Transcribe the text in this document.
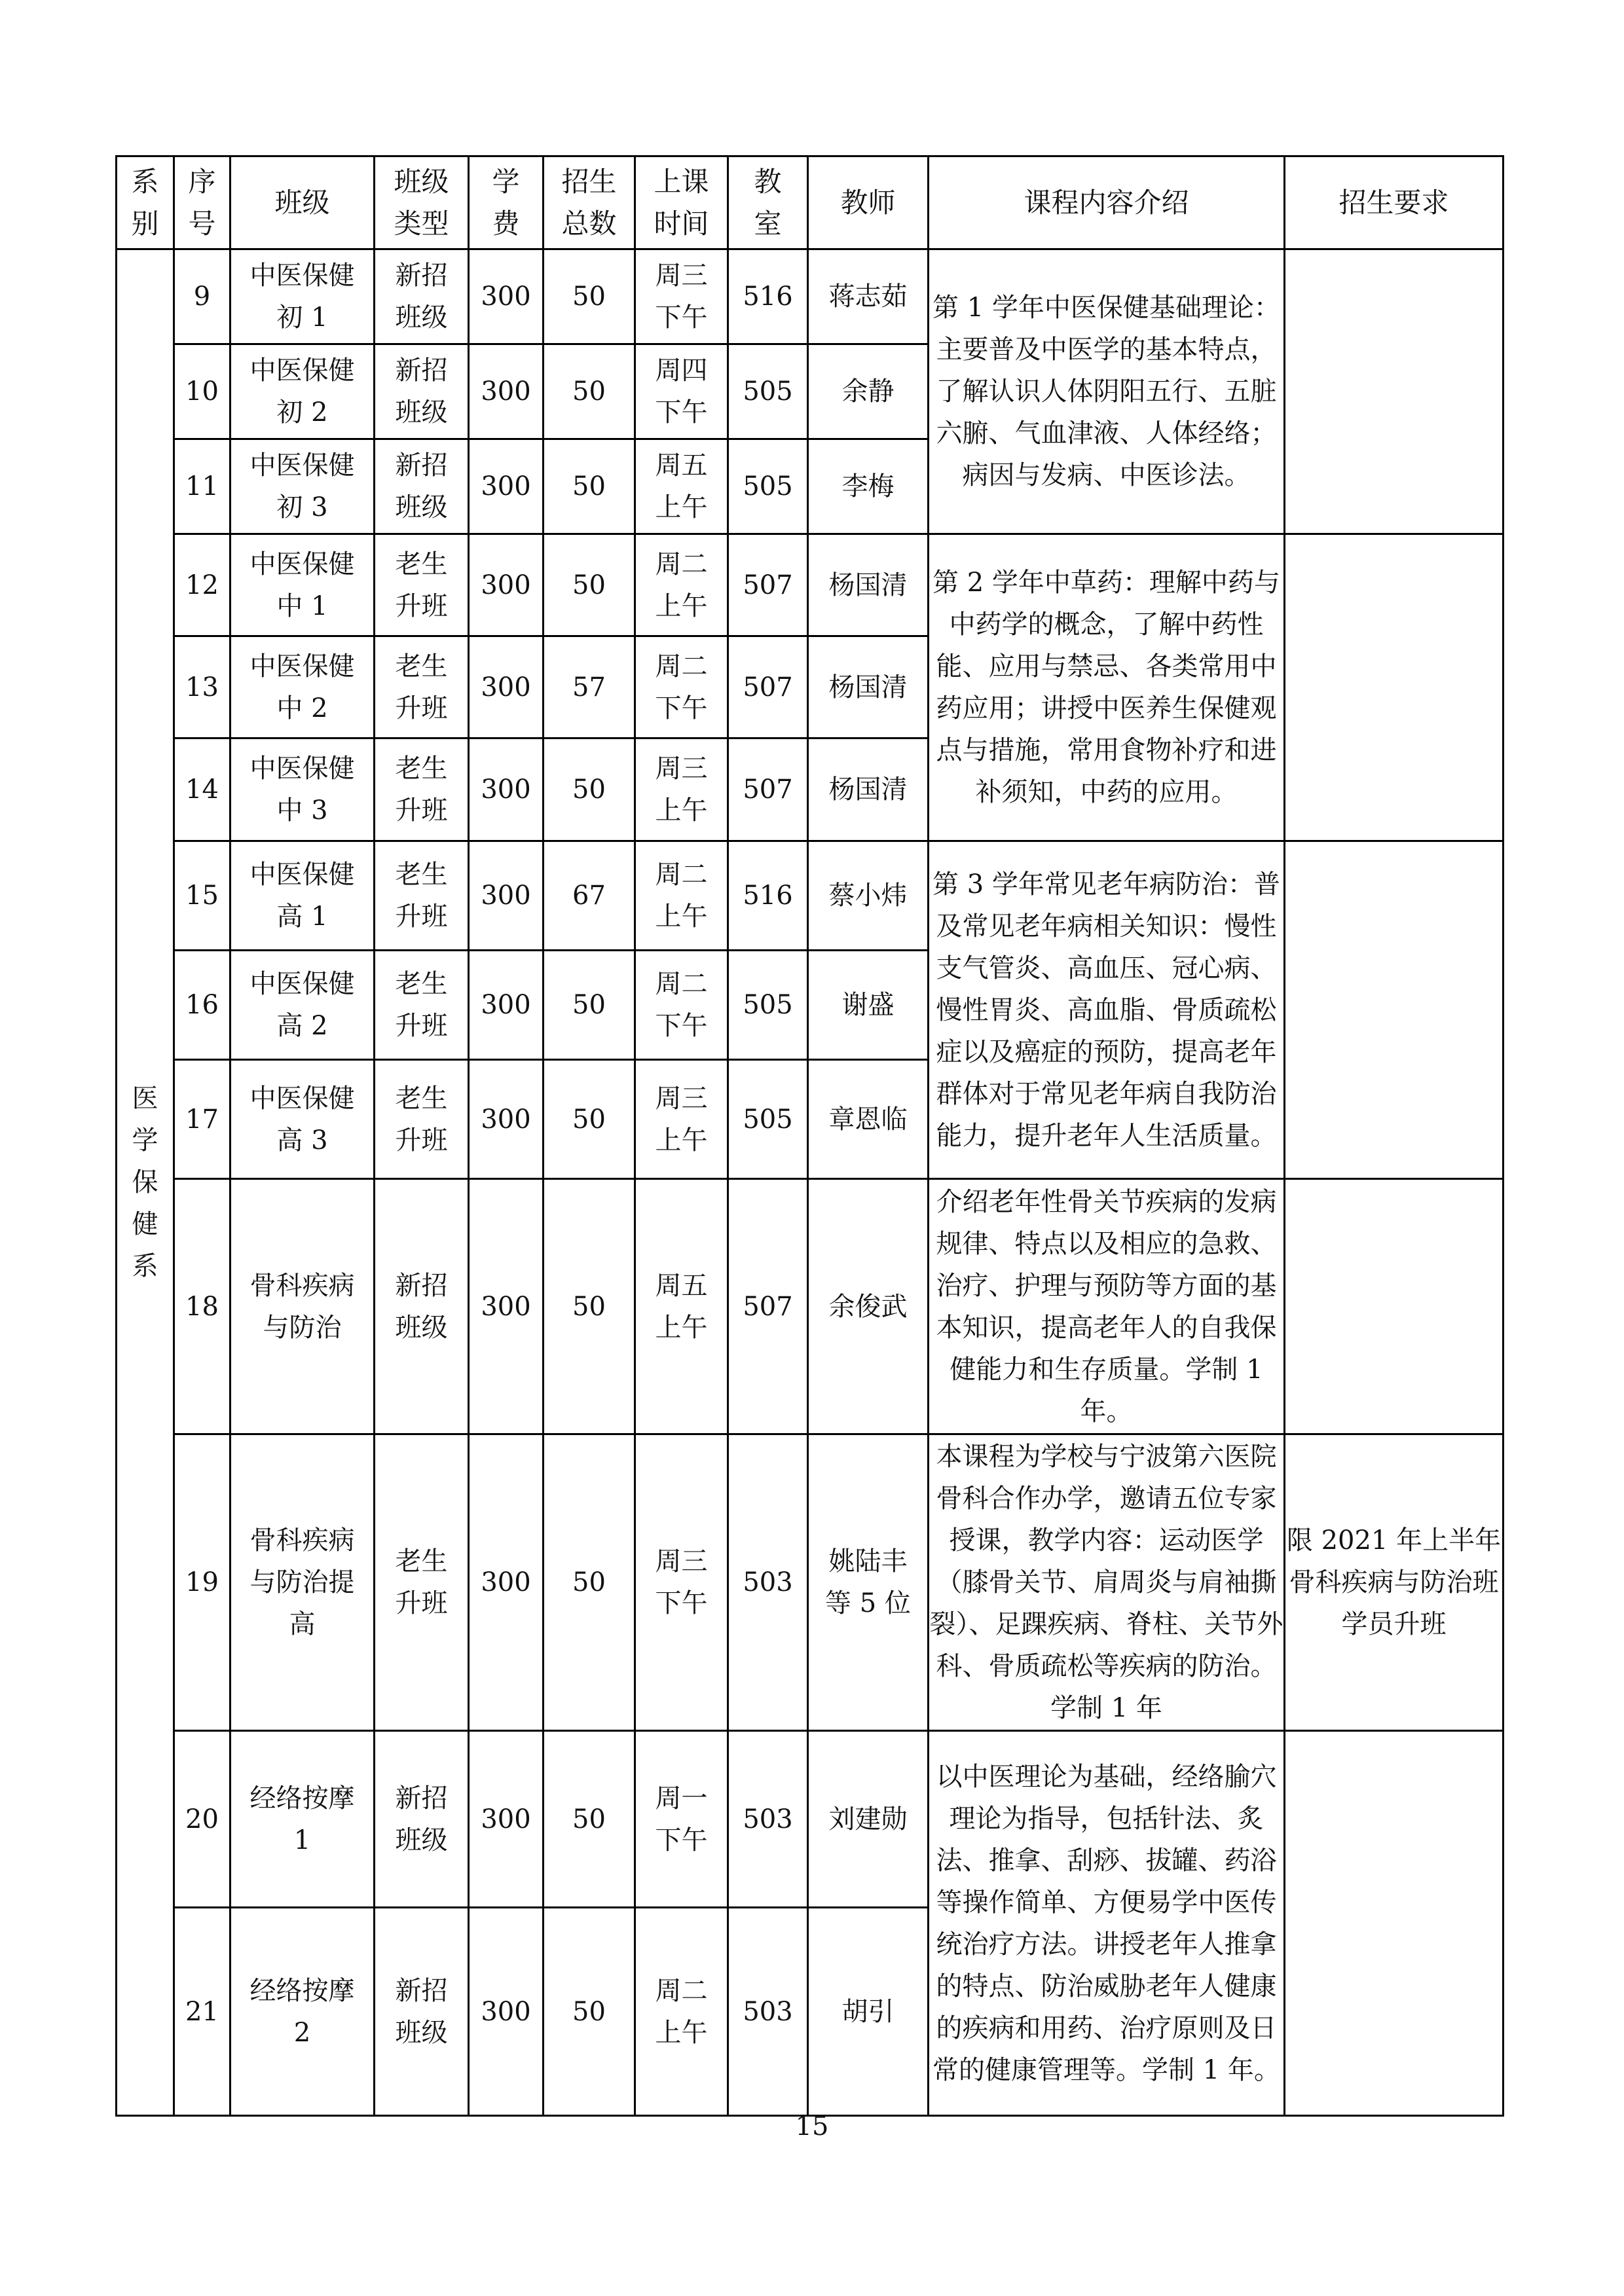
系别	序号	班级	班级类型	学费	招生总数	上课时间	教室	教师	课程内容介绍	招生要求
医学保健系	9	中医保健初 1	新招班级	300	50	周三下午	516	蒋志茹	第 1 学年中医保健基础理论：主要普及中医学的基本特点，了解认识人体阴阳五行、五脏六腑、气血津液、人体经络；病因与发病、中医诊法。	
	10	中医保健初 2	新招班级	300	50	周四下午	505	余静		
	11	中医保健初 3	新招班级	300	50	周五上午	505	李梅		
	12	中医保健中 1	老生升班	300	50	周二上午	507	杨国清	第 2 学年中草药：理解中药与中药学的概念，了解中药性能、应用与禁忌、各类常用中药应用；讲授中医养生保健观点与措施，常用食物补疗和进补须知，中药的应用。	
	13	中医保健中 2	老生升班	300	57	周二下午	507	杨国清		
	14	中医保健中 3	老生升班	300	50	周三上午	507	杨国清		
	15	中医保健高 1	老生升班	300	67	周二上午	516	蔡小炜	第 3 学年常见老年病防治：普及常见老年病相关知识：慢性支气管炎、高血压、冠心病、慢性胃炎、高血脂、骨质疏松症以及癌症的预防，提高老年群体对于常见老年病自我防治能力，提升老年人生活质量。	
	16	中医保健高 2	老生升班	300	50	周二下午	505	谢盛		
	17	中医保健高 3	老生升班	300	50	周三上午	505	章恩临		
	18	骨科疾病与防治	新招班级	300	50	周五上午	507	余俊武	介绍老年性骨关节疾病的发病规律、特点以及相应的急救、治疗、护理与预防等方面的基本知识，提高老年人的自我保健能力和生存质量。学制 1 年。	
	19	骨科疾病与防治提高	老生升班	300	50	周三下午	503	姚陆丰等 5 位	本课程为学校与宁波第六医院骨科合作办学，邀请五位专家授课，教学内容：运动医学（膝骨关节、肩周炎与肩袖撕裂）、足踝疾病、脊柱、关节外科、骨质疏松等疾病的防治。学制 1 年	限 2021 年上半年骨科疾病与防治班学员升班
	20	经络按摩 1	新招班级	300	50	周一下午	503	刘建勋	以中医理论为基础，经络腧穴理论为指导，包括针法、炙法、推拿、刮痧、拔罐、药浴等操作简单、方便易学中医传统治疗方法。讲授老年人推拿的特点、防治威胁老年人健康的疾病和用药、治疗原则及日常的健康管理等。学制 1 年。	
	21	经络按摩 2	新招班级	300	50	周二上午	503	胡引		
15
